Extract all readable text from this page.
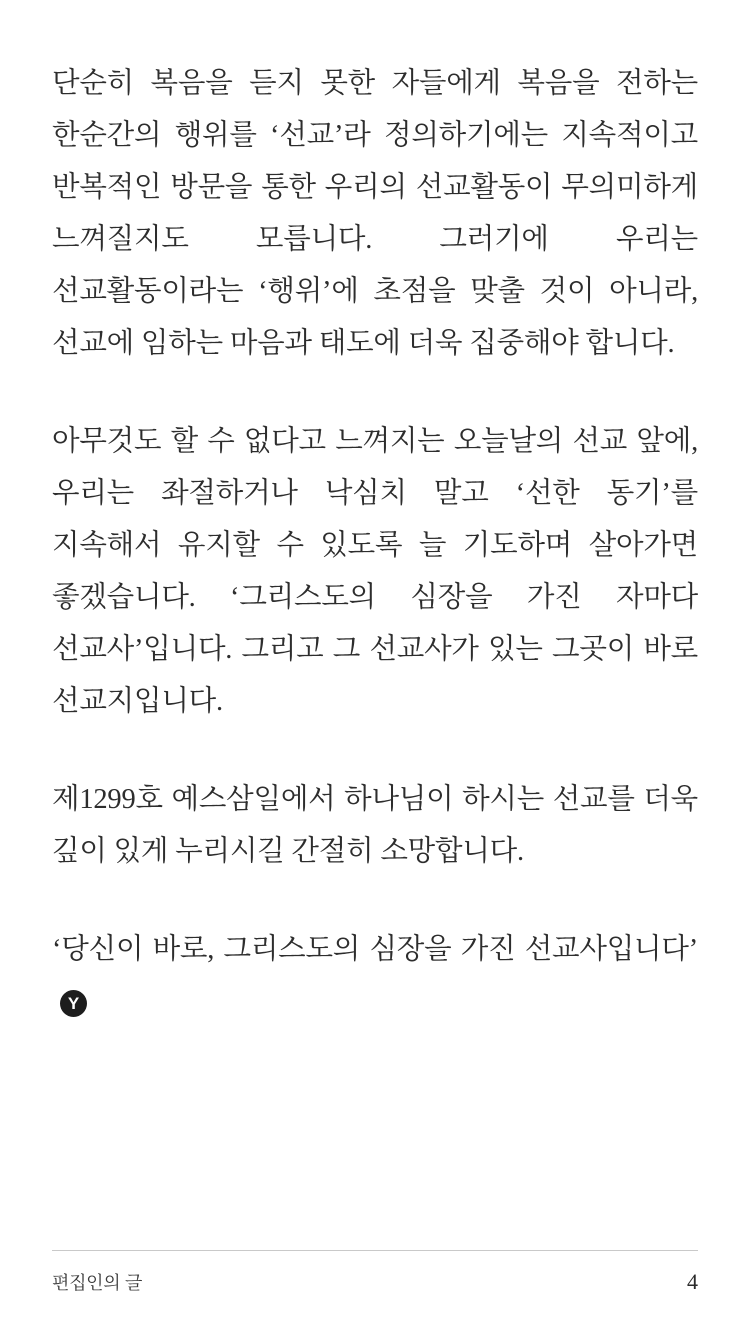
단순히 복음을 듣지 못한 자들에게 복음을 전하는 한순간의 행위를 ‘선교’라 정의하기에는 지속적이고 반복적인 방문을 통한 우리의 선교활동이 무의미하게 느껴질지도 모릅니다. 그러기에 우리는 선교활동이라는 ‘행위’에 초점을 맞출 것이 아니라, 선교에 임하는 마음과 태도에 더욱 집중해야 합니다.

아무것도 할 수 없다고 느껴지는 오늘날의 선교 앞에, 우리는 좌절하거나 낙심치 말고 ‘선한 동기’를 지속해서 유지할 수 있도록 늘 기도하며 살아가면 좋겠습니다. ‘그리스도의 심장을 가진 자마다 선교사’입니다. 그리고 그 선교사가 있는 그곳이 바로 선교지입니다.

제1299호 예스삼일에서 하나님이 하시는 선교를 더욱 깊이 있게 누리시길 간절히 소망합니다.

‘당신이 바로, 그리스도의 심장을 가진 선교사입니다’Y

편집인의 글	4
